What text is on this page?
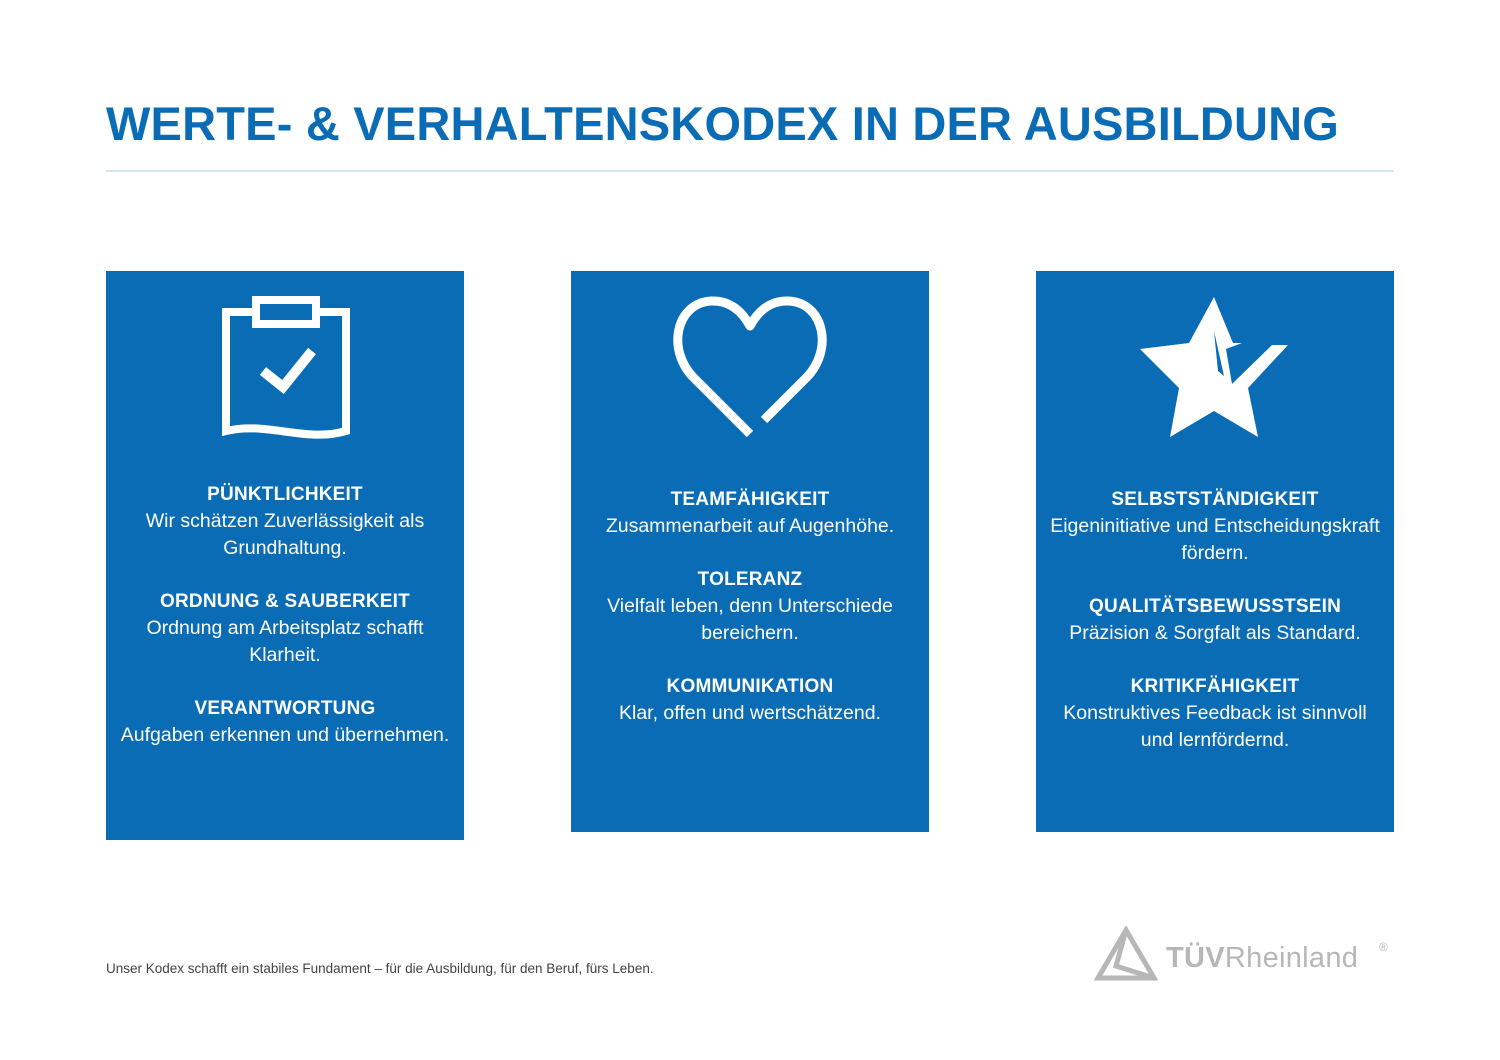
WERTE- & VERHALTENSKODEX IN DER AUSBILDUNG
PÜNKTLICHKEIT
Wir schätzen Zuverlässigkeit als Grundhaltung.
ORDNUNG & SAUBERKEIT
Ordnung am Arbeitsplatz schafft Klarheit.
VERANTWORTUNG
Aufgaben erkennen und übernehmen.
TEAMFÄHIGKEIT
Zusammenarbeit auf Augenhöhe.
TOLERANZ
Vielfalt leben, denn Unterschiede bereichern.
KOMMUNIKATION
Klar, offen und wertschätzend.
SELBSTSTÄNDIGKEIT
Eigeninitiative und Entscheidungskraft fördern.
QUALITÄTSBEWUSSTSEIN
Präzision & Sorgfalt als Standard.
KRITIKFÄHIGKEIT
Konstruktives Feedback ist sinnvoll und lernfördernd.
Unser Kodex schafft ein stabiles Fundament – für die Ausbildung, für den Beruf, fürs Leben.	TÜVRheinland ®
